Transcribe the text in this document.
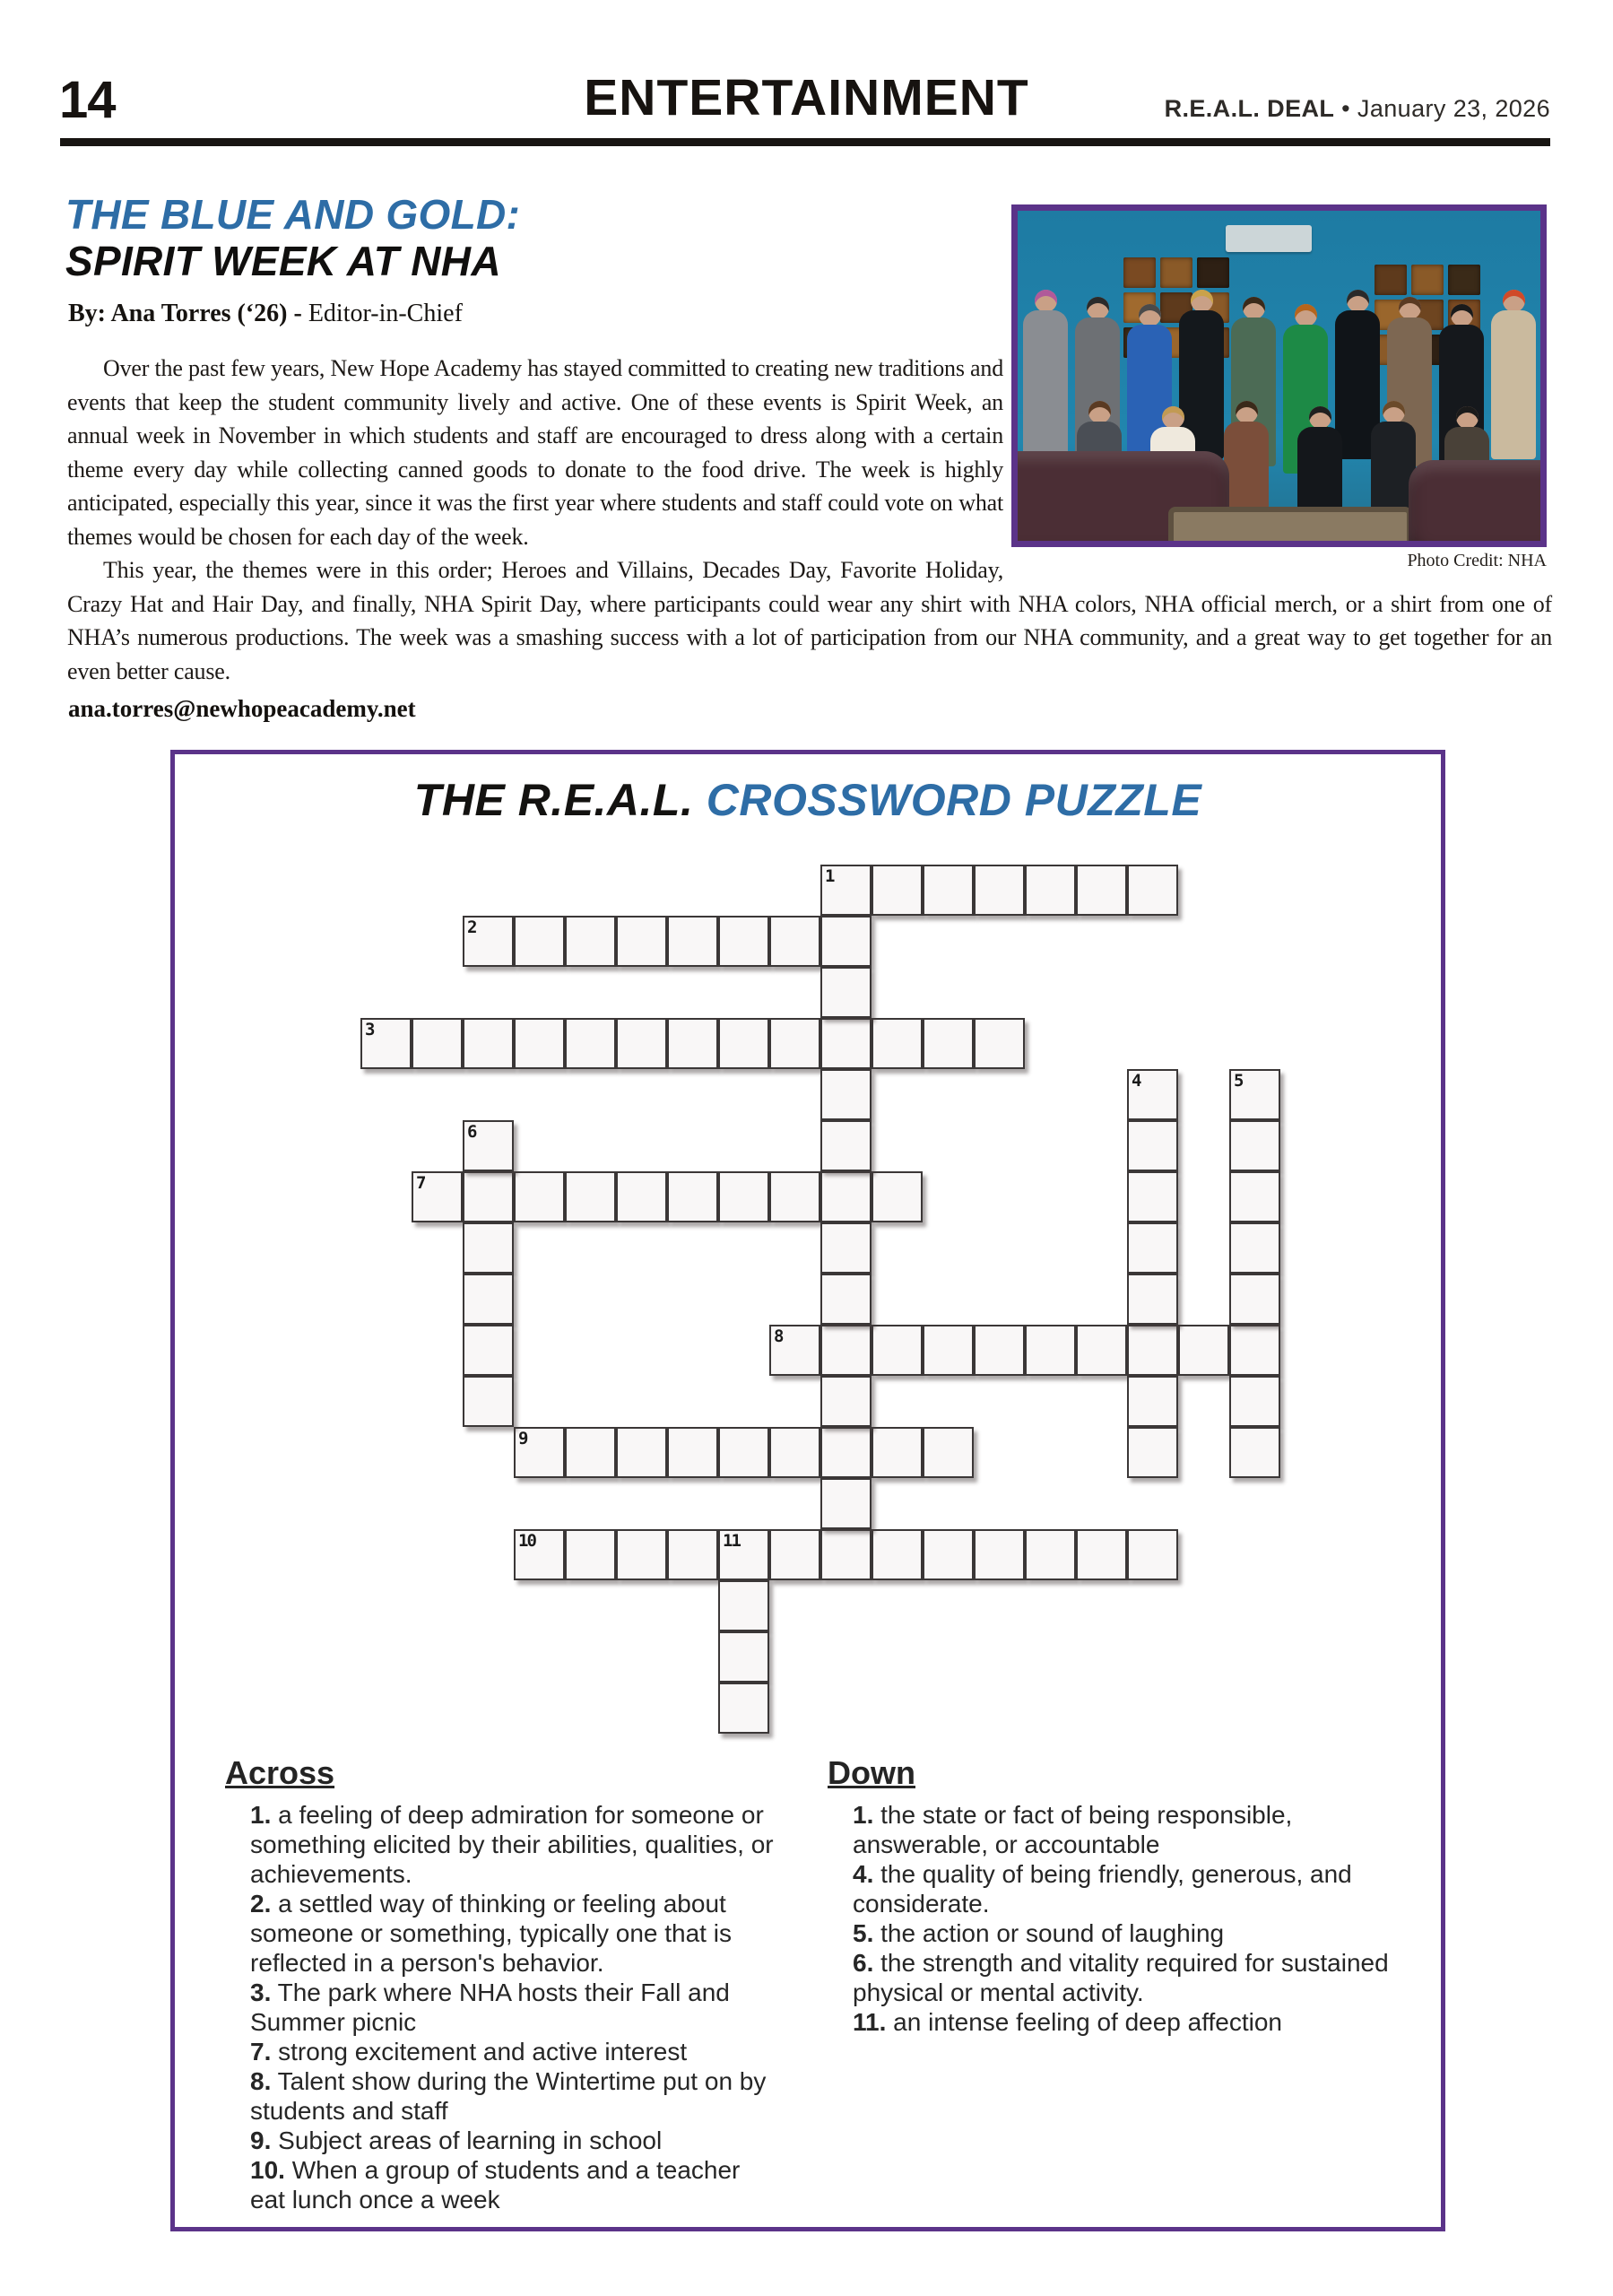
14	ENTERTAINMENT	R.E.A.L. DEAL • January 23, 2026
THE BLUE AND GOLD:
SPIRIT WEEK AT NHA
By: Ana Torres (‘26) - Editor-in-Chief
Photo Credit: NHA

Over the past few years, New Hope Academy has stayed committed to creating new traditions and events that keep the student community lively and active. One of these events is Spirit Week, an annual week in November in which students and staff are encouraged to dress along with a certain theme every day while collecting canned goods to donate to the food drive. The week is highly anticipated, especially this year, since it was the first year where students and staff could vote on what themes would be chosen for each day of the week.

This year, the themes were in this order; Heroes and Villains, Decades Day, Favorite Holiday, Crazy Hat and Hair Day, and finally, NHA Spirit Day, where participants could wear any shirt with NHA colors, NHA official merch, or a shirt from one of NHA’s numerous productions. The week was a smashing success with a lot of participation from our NHA community, and a great way to get together for an even better cause.

ana.torres@newhopeacademy.net
THE R.E.A.L. CROSSWORD PUZZLE
1
2
3
7
8
9
10	11
4	5
6
Across
1. a feeling of deep admiration for someone or something elicited by their abilities, qualities, or achievements.
2. a settled way of thinking or feeling about someone or something, typically one that is reflected in a person's behavior.
3. The park where NHA hosts their Fall and Summer picnic
7. strong excitement and active interest
8. Talent show during the Wintertime put on by students and staff
9. Subject areas of learning in school
10. When a group of students and a teacher eat lunch once a week
Down
1. the state or fact of being responsible, answerable, or accountable
4. the quality of being friendly, generous, and considerate.
5. the action or sound of laughing
6. the strength and vitality required for sustained physical or mental activity.
11. an intense feeling of deep affection
